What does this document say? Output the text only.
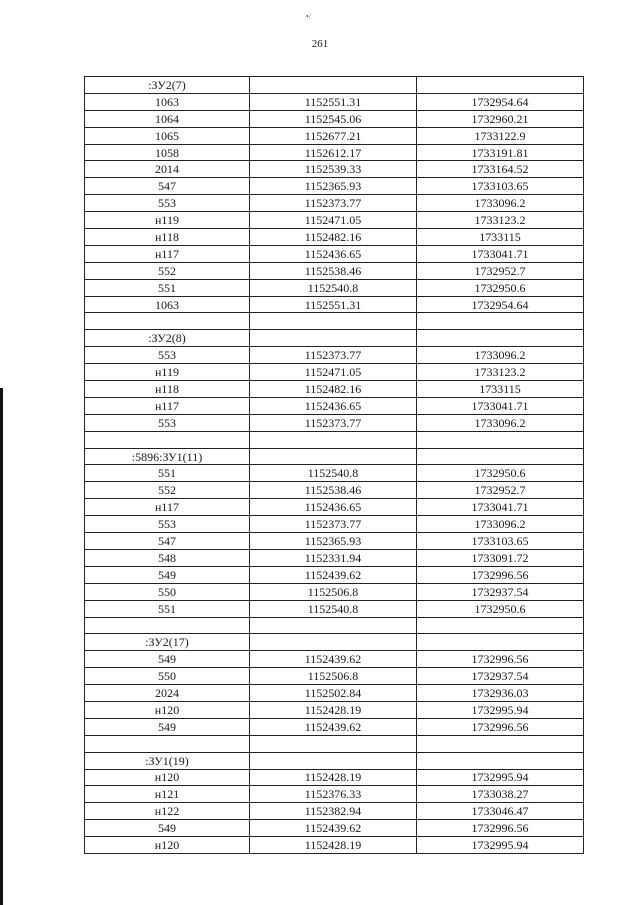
•/
261
:ЗУ2(7)		
1063	1152551.31	1732954.64
1064	1152545.06	1732960.21
1065	1152677.21	1733122.9
1058	1152612.17	1733191.81
2014	1152539.33	1733164.52
547	1152365.93	1733103.65
553	1152373.77	1733096.2
н119	1152471.05	1733123.2
н118	1152482.16	1733115
н117	1152436.65	1733041.71
552	1152538.46	1732952.7
551	1152540.8	1732950.6
1063	1152551.31	1732954.64

:ЗУ2(8)		
553	1152373.77	1733096.2
н119	1152471.05	1733123.2
н118	1152482.16	1733115
н117	1152436.65	1733041.71
553	1152373.77	1733096.2

:5896:ЗУ1(11)		
551	1152540.8	1732950.6
552	1152538.46	1732952.7
н117	1152436.65	1733041.71
553	1152373.77	1733096.2
547	1152365.93	1733103.65
548	1152331.94	1733091.72
549	1152439.62	1732996.56
550	1152506.8	1732937.54
551	1152540.8	1732950.6

:ЗУ2(17)		
549	1152439.62	1732996.56
550	1152506.8	1732937.54
2024	1152502.84	1732936.03
н120	1152428.19	1732995.94
549	1152439.62	1732996.56

:ЗУ1(19)		
н120	1152428.19	1732995.94
н121	1152376.33	1733038.27
н122	1152382.94	1733046.47
549	1152439.62	1732996.56
н120	1152428.19	1732995.94
